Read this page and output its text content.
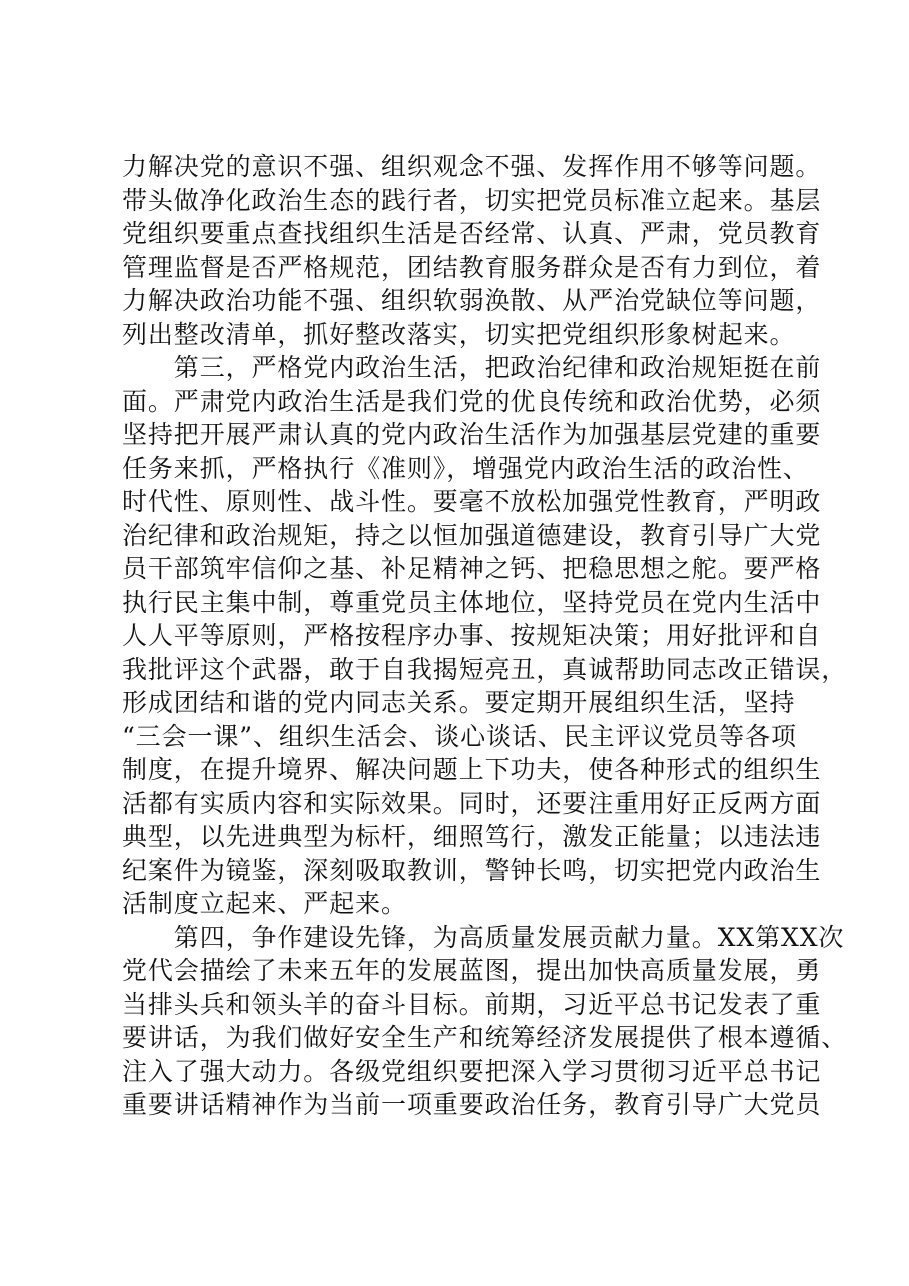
力解决党的意识不强、组织观念不强、发挥作用不够等问题。
带头做净化政治生态的践行者，切实把党员标准立起来。基层
党组织要重点查找组织生活是否经常、认真、严肃，党员教育
管理监督是否严格规范，团结教育服务群众是否有力到位，着
力解决政治功能不强、组织软弱涣散、从严治党缺位等问题，
列出整改清单，抓好整改落实，切实把党组织形象树起来。
　　第三，严格党内政治生活，把政治纪律和政治规矩挺在前
面。严肃党内政治生活是我们党的优良传统和政治优势，必须
坚持把开展严肃认真的党内政治生活作为加强基层党建的重要
任务来抓，严格执行《准则》，增强党内政治生活的政治性、
时代性、原则性、战斗性。要毫不放松加强党性教育，严明政
治纪律和政治规矩，持之以恒加强道德建设，教育引导广大党
员干部筑牢信仰之基、补足精神之钙、把稳思想之舵。要严格
执行民主集中制，尊重党员主体地位，坚持党员在党内生活中
人人平等原则，严格按程序办事、按规矩决策；用好批评和自
我批评这个武器，敢于自我揭短亮丑，真诚帮助同志改正错误，
形成团结和谐的党内同志关系。要定期开展组织生活，坚持
“三会一课”、组织生活会、谈心谈话、民主评议党员等各项
制度，在提升境界、解决问题上下功夫，使各种形式的组织生
活都有实质内容和实际效果。同时，还要注重用好正反两方面
典型，以先进典型为标杆，细照笃行，激发正能量；以违法违
纪案件为镜鉴，深刻吸取教训，警钟长鸣，切实把党内政治生
活制度立起来、严起来。
　　第四，争作建设先锋，为高质量发展贡献力量。XX第XX次
党代会描绘了未来五年的发展蓝图，提出加快高质量发展，勇
当排头兵和领头羊的奋斗目标。前期，习近平总书记发表了重
要讲话，为我们做好安全生产和统筹经济发展提供了根本遵循、
注入了强大动力。各级党组织要把深入学习贯彻习近平总书记
重要讲话精神作为当前一项重要政治任务，教育引导广大党员
